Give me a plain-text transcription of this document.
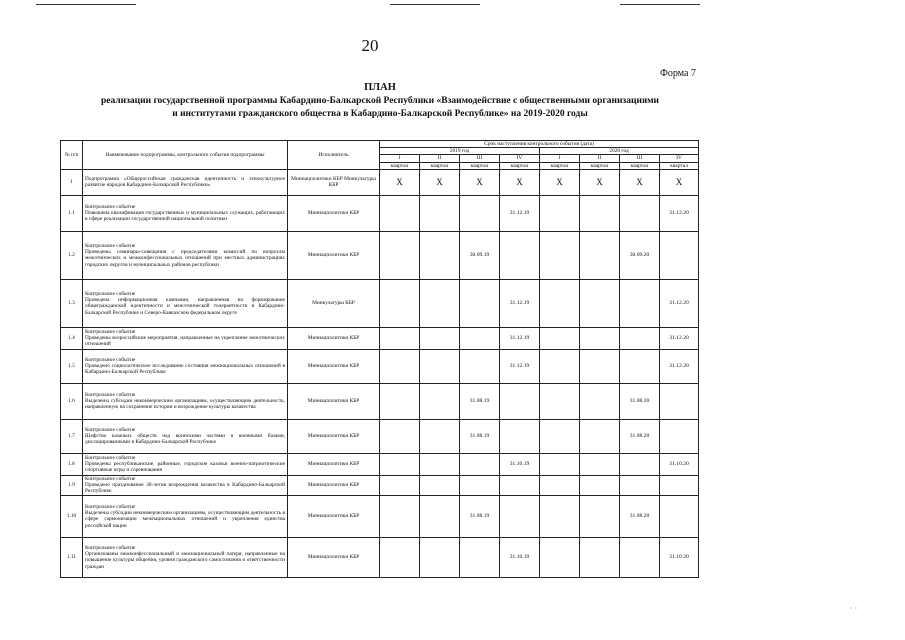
20
Форма 7
ПЛАН
реализации государственной программы Кабардино-Балкарской Республики «Взаимодействие с общественными организациями
и институтами гражданского общества в Кабардино-Балкарской Республике» на 2019-2020 годы
№ п/п	Наименование подпрограммы, контрольного события подпрограммы	Исполнитель	Срок наступления контрольного события (дата)							
			2019 год				2020 год			
			I	II	III	IV	I	II	III	IV
			квартал	квартал	квартал	квартал	квартал	квартал	квартал	квартал
1	Подпрограмма «Общероссийская гражданская идентичность и этнокультурное развитие народов Кабардино-Балкарской Республики»	Миннацполитики КБР Минкультуры КБР	Х	Х	Х	Х	Х	Х	Х	Х
1.1	Контрольное событие
Повышена квалификация государственных и муниципальных служащих, работающих в сфере реализации государственной национальной политики	Миннацполитики КБР				31.12.19				31.12.20
1.2	Контрольное событие
Проведены семинары-совещания с председателями комиссий по вопросам межэтнических и межконфессиональных отношений при местных администрациях городских округов и муниципальных районов республики	Миннацполитики КБР			30.09.19				30.09.20	
1.3	Контрольное событие
Проведена информационная кампания, направленная на формирование общегражданской идентичности и межэтнической толерантности в Кабардино-Балкарской Республике и Северо-Кавказском федеральном округе	Минкультуры КБР				31.12.19				31.12.20
1.4	Контрольное событие
Проведены всероссийские мероприятия, направленные на укрепление межэтнических отношений	Миннацполитики КБР				31.12.19				31.12.20
1.5	Контрольное событие
Проведено социологическое исследование состояния межнациональных отношений в Кабардино-Балкарской Республике	Миннацполитики КБР				31.12.19				31.12.20
1.6	Контрольное событие
Выделены субсидии некоммерческим организациям, осуществляющим деятельность, направленную на сохранение истории и возрождение культуры казачества	Миннацполитики КБР			31.08.19				31.08.20	
1.7	Контрольное событие
Шефство казачьих обществ над воинскими частями и военными базами, дислоцированными в Кабардино-Балкарской Республике	Миннацполитики КБР			31.08.19				31.08.20	
1.8	Контрольное событие
Проведены республиканские, районные, городские казачьи военно-патриотические спортивные игры и соревнования	Миннацполитики КБР				31.10.19				31.10.20
1.9	Контрольное событие
Проведено празднование 30-летия возрождения казачества в Кабардино-Балкарской Республике	Миннацполитики КБР								
1.10	Контрольное событие
Выделены субсидии некоммерческим организациям, осуществляющим деятельность в сфере гармонизации межнациональных отношений и укрепления единства российской нации	Миннацполитики КБР			31.08.19				31.08.20	
1.11	Контрольное событие
Организованы межконфессиональный и межнациональный лагеря, направленные на повышение культуры общения, уровня гражданского самосознания и ответственности граждан	Миннацполитики КБР				31.10.19				31.10.20
· ·
